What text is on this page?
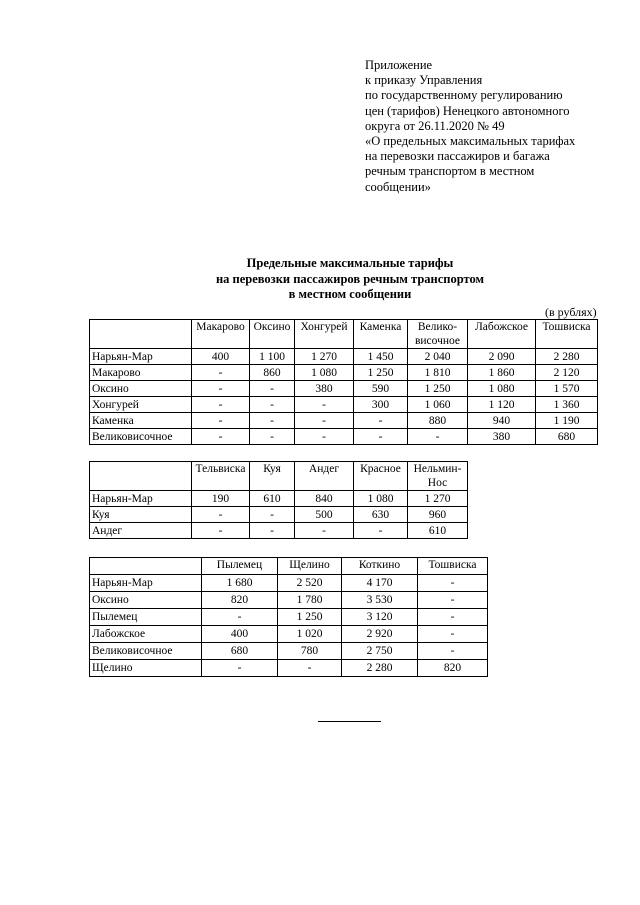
Приложение
к приказу Управления
по государственному регулированию
цен (тарифов) Ненецкого автономного
округа от 26.11.2020 № 49
«О предельных максимальных тарифах
на перевозки пассажиров и багажа
речным транспортом в местном
сообщении»
Предельные максимальные тарифы
на перевозки пассажиров речным транспортом
в местном сообщении
(в рублях)
	Макарово	Оксино	Хонгурей	Каменка	Велико-
височное	Лабожское	Тошвиска
Нарьян-Мар	400	1 100	1 270	1 450	2 040	2 090	2 280
Макарово	-	860	1 080	1 250	1 810	1 860	2 120
Оксино	-	-	380	590	1 250	1 080	1 570
Хонгурей	-	-	-	300	1 060	1 120	1 360
Каменка	-	-	-	-	880	940	1 190
Великовисочное	-	-	-	-	-	380	680
	Тельвиска	Куя	Андег	Красное	Нельмин-
Нос
Нарьян-Мар	190	610	840	1 080	1 270
Куя	-	-	500	630	960
Андег	-	-	-	-	610
	Пылемец	Щелино	Коткино	Тошвиска
Нарьян-Мар	1 680	2 520	4 170	-
Оксино	820	1 780	3 530	-
Пылемец	-	1 250	3 120	-
Лабожское	400	1 020	2 920	-
Великовисочное	680	780	2 750	-
Щелино	-	-	2 280	820
